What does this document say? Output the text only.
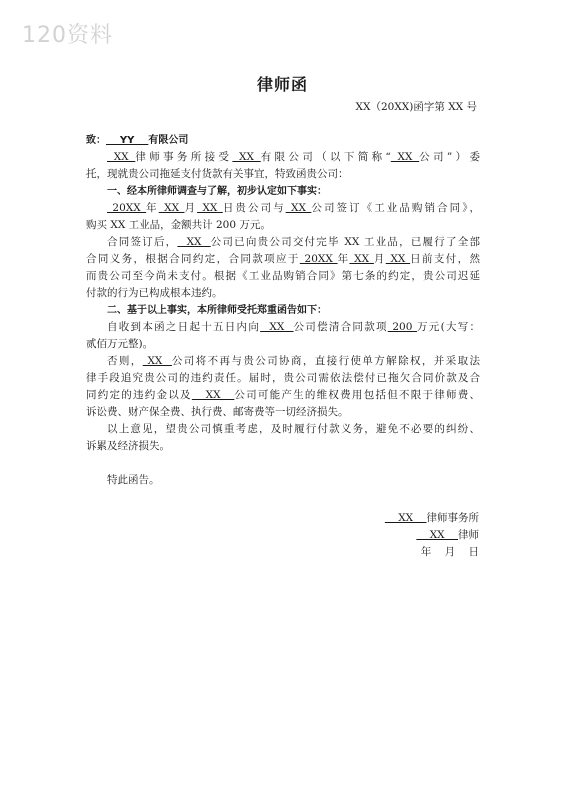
120资料
律师函
XX（20XX)函字第 XX 号
致：    YY    有限公司
XX 律师事务所接受 XX 有限公司（以下简称“ XX 公司”）委
托，现就贵公司拖延支付货款有关事宜，特致函贵公司：
一、经本所律师调查与了解，初步认定如下事实：
20XX 年 XX 月 XX 日贵公司与 XX 公司签订《工业品购销合同》，
购买 XX 工业品，金额共计 200 万元。
合同签订后，  XX  公司已向贵公司交付完毕 XX 工业品，已履行了全部
合同义务，根据合同约定，合同款项应于 20XX 年 XX 月 XX 日前支付，然
而贵公司至今尚未支付。根据《工业品购销合同》第七条的约定，贵公司迟延
付款的行为已构成根本违约。
二、基于以上事实，本所律师受托郑重函告如下：
自收到本函之日起十五日内向  XX  公司偿清合同款项 200 万元(大写：
贰佰万元整)。
否则， XX  公司将不再与贵公司协商，直接行使单方解除权，并采取法
律手段追究贵公司的违约责任。届时，贵公司需依法偿付已拖欠合同价款及合
同约定的违约金以及   XX   公司可能产生的维权费用包括但不限于律师费、
诉讼费、财产保全费、执行费、邮寄费等一切经济损失。
以上意见，望贵公司慎重考虑，及时履行付款义务，避免不必要的纠纷、
诉累及经济损失。
特此函告。
XX    律师事务所
XX    律师
年    月    日
